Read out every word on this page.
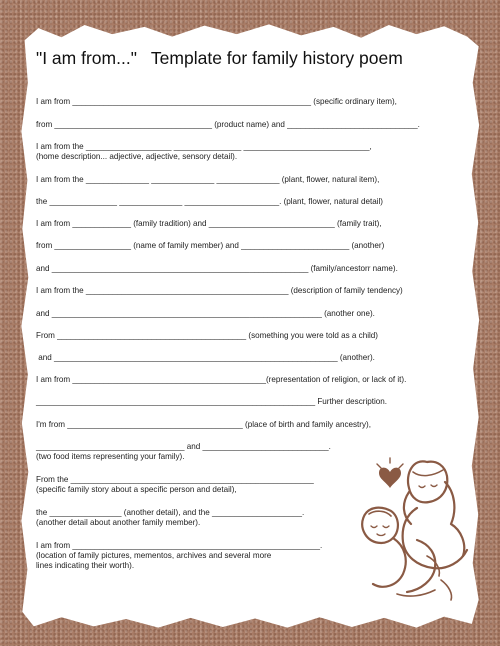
"I am from..." Template for family history poem
I am from _____________________________________________________ (specific ordinary item),
from ___________________________________ (product name) and _____________________________.
I am from the ___________________ _______________ ____________________________,
(home description... adjective, adjective, sensory detail).
I am from the ______________ ______________ ______________ (plant, flower, natural item),
the _______________ ______________ _____________________. (plant, flower, natural detail)
I am from _____________ (family tradition) and ____________________________ (family trait),
from _________________ (name of family member) and ________________________ (another)
and _________________________________________________________ (family/ancestorr name).
I am from the _____________________________________________ (description of family tendency)
and ____________________________________________________________ (another one).
From __________________________________________ (something you were told as a child)
and _______________________________________________________________ (another).
I am from ___________________________________________(representation of religion, or lack of it).
______________________________________________________________ Further description.
I'm from _______________________________________ (place of birth and family ancestry),
_________________________________ and ____________________________.
(two food items representing your family).
From the ______________________________________________________
(specific family story about a specific person and detail),
the ________________ (another detail), and the ____________________.
(another detail about another family member).
I am from _______________________________________________________.
(location of family pictures, mementos, archives and several more
lines indicating their worth).
